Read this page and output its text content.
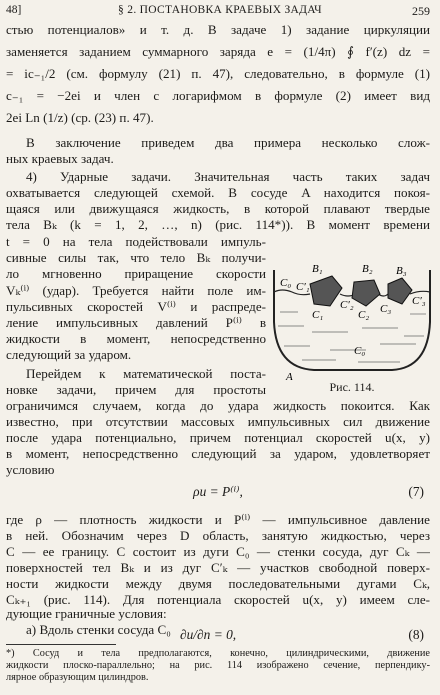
48]	§ 2. ПОСТАНОВКА КРАЕВЫХ ЗАДАЧ	259
стью потенциалов» и т. д. В задаче 1) задание циркуляции
заменяется заданием суммарного заряда e = (1/4π) ∮ f′(z) dz =
= ic₋₁/2 (см. формулу (21) п. 47), следовательно, в формуле (1)
c₋₁ = −2ei и член с логарифмом в формуле (2) имеет вид
2ei Ln (1/z) (ср. (23) п. 47).
В заключение приведем два примера несколько слож-
ных краевых задач.
4) Ударные задачи. Значительная часть таких задач
охватывается следующей схемой. В сосуде A находится покоя-
щаяся или движущаяся жидкость, в которой плавают твердые
тела Bₖ (k = 1, 2, …, n) (рис. 114*)). В момент времени
t = 0 на тела подействовали импуль-
сивные силы так, что тело Bₖ получи-
ло мгновенно приращение скорости
Vₖ⁽ⁱ⁾ (удар). Требуется найти поле им-
пульсивных скоростей V⁽ⁱ⁾ и распреде-
ление импульсивных давлений P⁽ⁱ⁾ в
жидкости в момент, непосредственно
следующий за ударом.
Перейдем к математической поста-
новке задачи, причем для простоты
ограничимся случаем, когда до удара жидкость покоится. Как
B₁	B₂ B₃
C₀ C′₁
C₁
C′₂
C₂ C₃
C′₃
C₀
A
Рис. 114.
известно, при отсутствии массовых импульсивных сил движение
после удара потенциально, причем потенциал скоростей u(x, y)
в момент, непосредственно следующий за ударом, удовлетворяет
условию
ρu = P⁽ⁱ⁾,	(7)
где ρ — плотность жидкости и P⁽ⁱ⁾ — импульсивное давление
в ней. Обозначим через D область, занятую жидкостью, через
C — ее границу. C состоит из дуги C₀ — стенки сосуда, дуг Cₖ —
поверхностей тел Bₖ и из дуг C′ₖ — участков свободной поверх-
ности жидкости между двумя последовательными дугами Cₖ,
Cₖ₊₁ (рис. 114). Для потенциала скоростей u(x, y) имеем сле-
дующие граничные условия:
а) Вдоль стенки сосуда C₀ ∂u/∂n = 0,	(8)
*) Сосуд и тела предполагаются, конечно, цилиндрическими, движение
жидкости плоско-параллельно; на рис. 114 изображено сечение, перпендику-
лярное образующим цилиндров.
